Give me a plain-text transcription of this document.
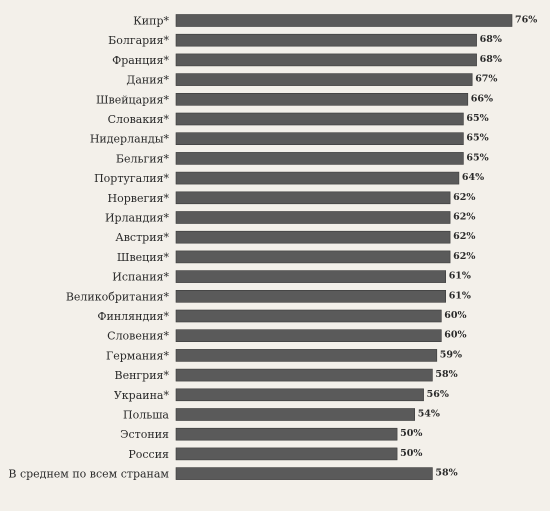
Кипр*	76%
Болгария*	68%
Франция*	68%
Дания*	67%
Швейцария*	66%
Словакия*	65%
Нидерланды*	65%
Бельгия*	65%
Португалия*	64%
Норвегия*	62%
Ирландия*	62%
Австрия*	62%
Швеция*	62%
Испания*	61%
Великобритания*	61%
Финляндия*	60%
Словения*	60%
Германия*	59%
Венгрия*	58%
Украина*	56%
Польша	54%
Эстония	50%
Россия	50%
В среднем по всем странам	58%
